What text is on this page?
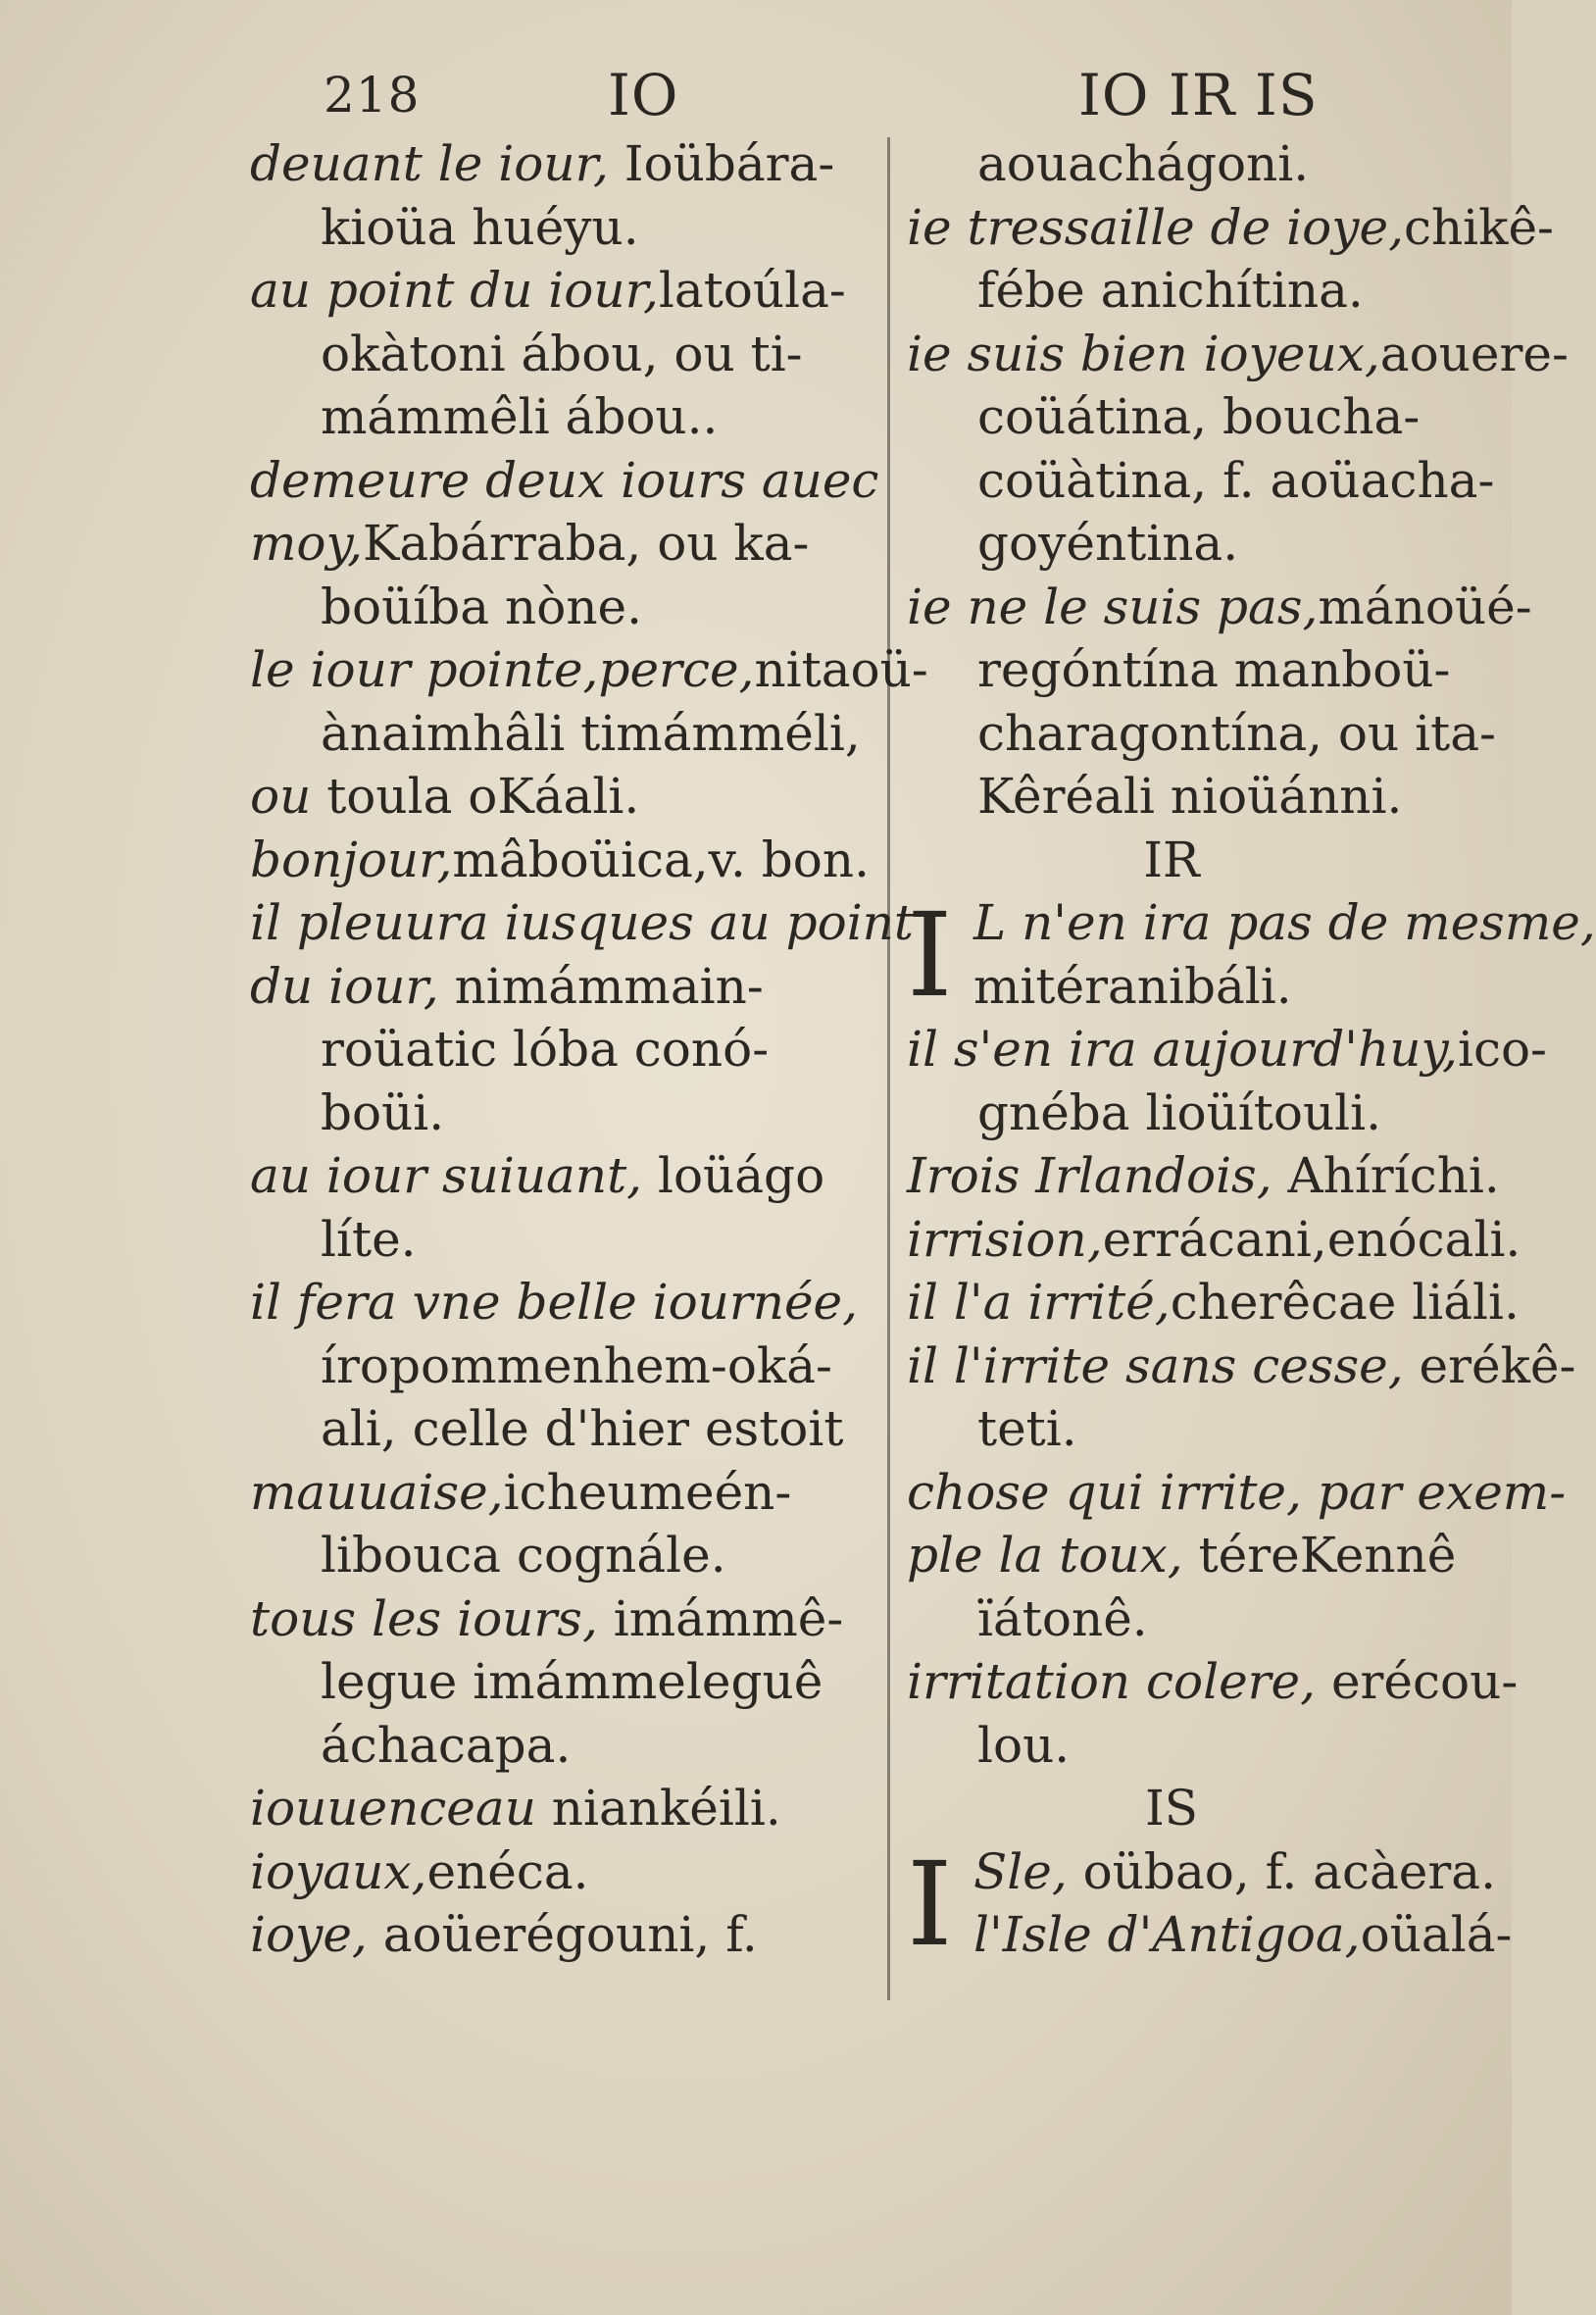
218	IO	IO IR IS
deuant le iour, Ioübára-
kioüa huéyu.
au point du iour,latoúla-
okàtoni ábou, ou ti-
mámmêli ábou..
demeure deux iours auec
moy,Kabárraba, ou ka-
boüíba nòne.
le iour pointe,perce,nitaoü-
ànaimhâli timámméli,
ou toula oKáali.
bonjour,mâboüica,v. bon.
il pleuura iusques au point
du iour, nimámmain-
roüatic lóba conó-
boüi.
au iour suiuant, loüágo
líte.
il fera vne belle iournée,
íropommenhem-oká-
ali, celle d'hier estoit
mauuaise,icheumeén-
libouca cognále.
tous les iours, imámmê-
legue imámmeleguê
áchacapa.
iouuenceau niankéili.
ioyaux,enéca.
ioye, aoüerégouni, f.
aouachágoni.
ie tressaille de ioye,chikê-
fébe anichítina.
ie suis bien ioyeux,aouere-
coüátina, boucha-
coüàtina, f. aoüacha-
goyéntina.
ie ne le suis pas,mánoüé-
regóntína manboü-
charagontína, ou ita-
Kêréali nioüánni.
IR
I L n'en ira pas de mesme,
mitéranibáli.
il s'en ira aujourd'huy,ico-
gnéba lioüítouli.
Irois Irlandois, Ahíríchi.
irrision,errácani,enócali.
il l'a irrité,cherêcae liáli.
il l'irrite sans cesse, erékê-
teti.
chose qui irrite, par exem-
ple la toux, téreKennê
ïátonê.
irritation colere, erécou-
lou.
IS
I Sle, oübao, f. acàera.
l'Isle d'Antigoa,oüalá-
